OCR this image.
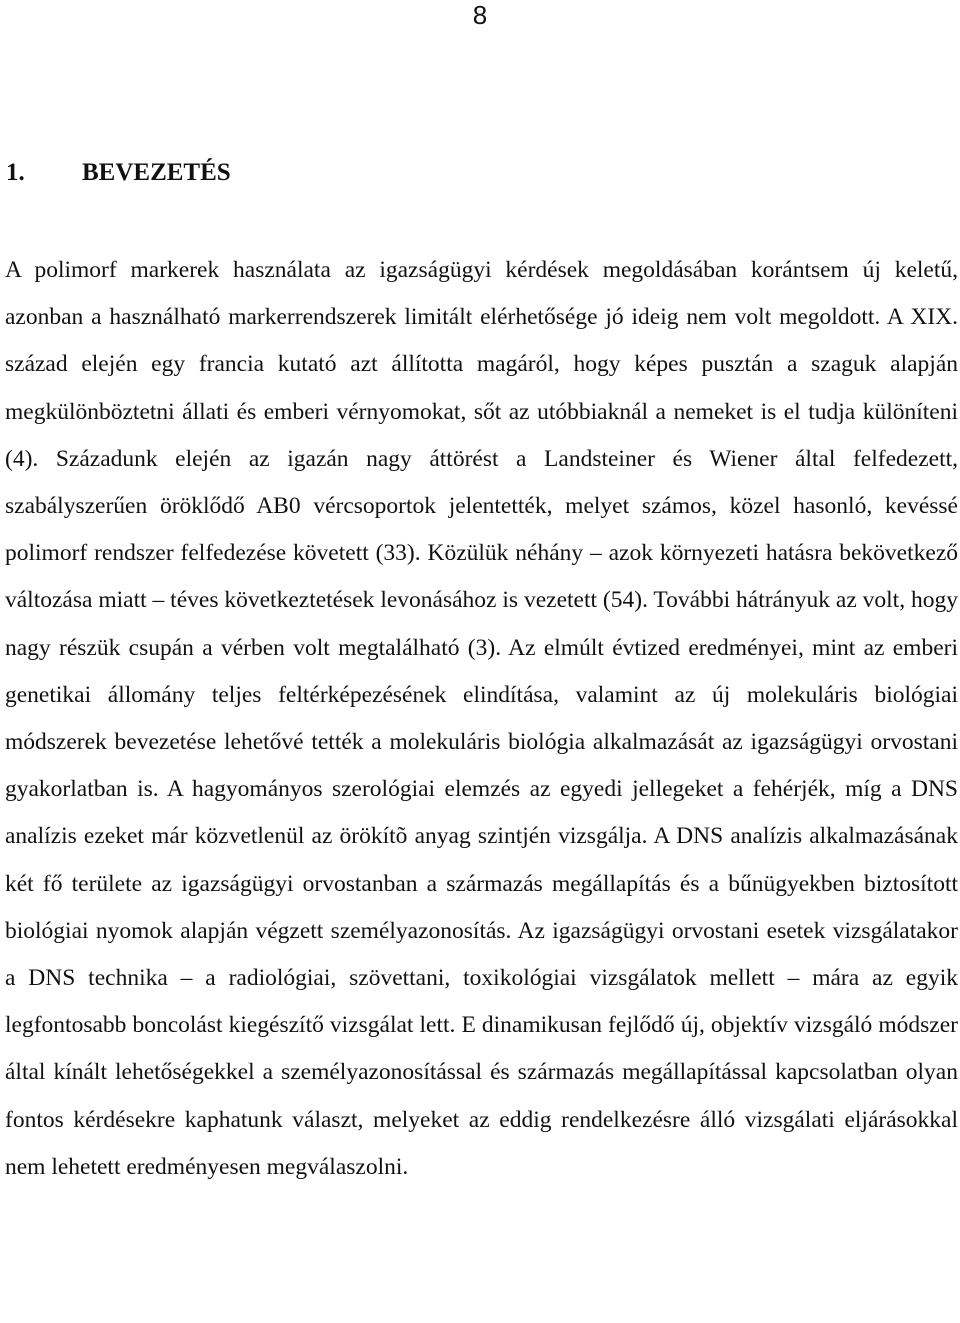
8
1. BEVEZETÉS

A polimorf markerek használata az igazságügyi kérdések megoldásában korántsem új keletű, azonban a használható markerrendszerek limitált elérhetősége jó ideig nem volt megoldott. A XIX. század elején egy francia kutató azt állította magáról, hogy képes pusztán a szaguk alapján megkülönböztetni állati és emberi vérnyomokat, sőt az utóbbiaknál a nemeket is el tudja különíteni (4). Századunk elején az igazán nagy áttörést a Landsteiner és Wiener által felfedezett, szabályszerűen öröklődő AB0 vércsoportok jelentették, melyet számos, közel hasonló, kevéssé polimorf rendszer felfedezése követett (33). Közülük néhány – azok környezeti hatásra bekövetkező változása miatt – téves következtetések levonásához is vezetett (54). További hátrányuk az volt, hogy nagy részük csupán a vérben volt megtalálható (3). Az elmúlt évtized eredményei, mint az emberi genetikai állomány teljes feltérképezésének elindítása, valamint az új molekuláris biológiai módszerek bevezetése lehetővé tették a molekuláris biológia alkalmazását az igazságügyi orvostani gyakorlatban is. A hagyományos szerológiai elemzés az egyedi jellegeket a fehérjék, míg a DNS analízis ezeket már közvetlenül az örökítõ anyag szintjén vizsgálja. A DNS analízis alkalmazásának két fő területe az igazságügyi orvostanban a származás megállapítás és a bűnügyekben biztosított biológiai nyomok alapján végzett személyazonosítás. Az igazságügyi orvostani esetek vizsgálatakor a DNS technika – a radiológiai, szövettani, toxikológiai vizsgálatok mellett – mára az egyik legfontosabb boncolást kiegészítő vizsgálat lett. E dinamikusan fejlődő új, objektív vizsgáló módszer által kínált lehetőségekkel a személyazonosítással és származás megállapítással kapcsolatban olyan fontos kérdésekre kaphatunk választ, melyeket az eddig rendelkezésre álló vizsgálati eljárásokkal nem lehetett eredményesen megválaszolni.
